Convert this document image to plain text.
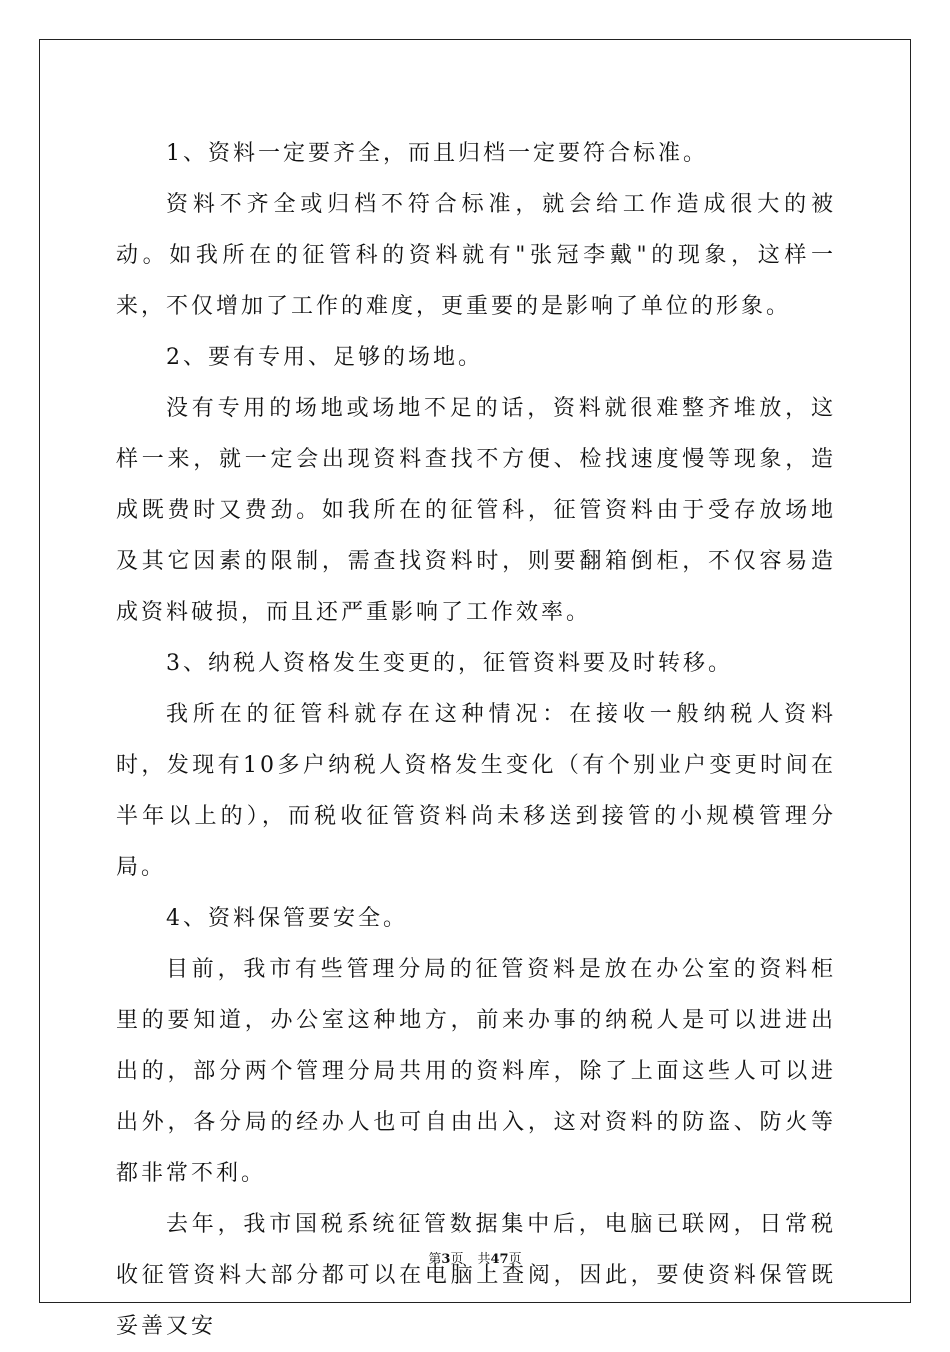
1、资料一定要齐全，而且归档一定要符合标准。

资料不齐全或归档不符合标准，就会给工作造成很大的被动。如我所在的征管科的资料就有"张冠李戴"的现象，这样一来，不仅增加了工作的难度，更重要的是影响了单位的形象。

2、要有专用、足够的场地。

没有专用的场地或场地不足的话，资料就很难整齐堆放，这样一来，就一定会出现资料查找不方便、检找速度慢等现象，造成既费时又费劲。如我所在的征管科，征管资料由于受存放场地及其它因素的限制，需查找资料时，则要翻箱倒柜，不仅容易造成资料破损，而且还严重影响了工作效率。

3、纳税人资格发生变更的，征管资料要及时转移。

我所在的征管科就存在这种情况：在接收一般纳税人资料时，发现有10多户纳税人资格发生变化（有个别业户变更时间在半年以上的），而税收征管资料尚未移送到接管的小规模管理分局。

4、资料保管要安全。

目前，我市有些管理分局的征管资料是放在办公室的资料柜里的要知道，办公室这种地方，前来办事的纳税人是可以进进出出的，部分两个管理分局共用的资料库，除了上面这些人可以进出外，各分局的经办人也可自由出入，这对资料的防盗、防火等都非常不利。

去年，我市国税系统征管数据集中后，电脑已联网，日常税收征管资料大部分都可以在电脑上查阅，因此，要使资料保管既妥善又安

第3页 共47页
